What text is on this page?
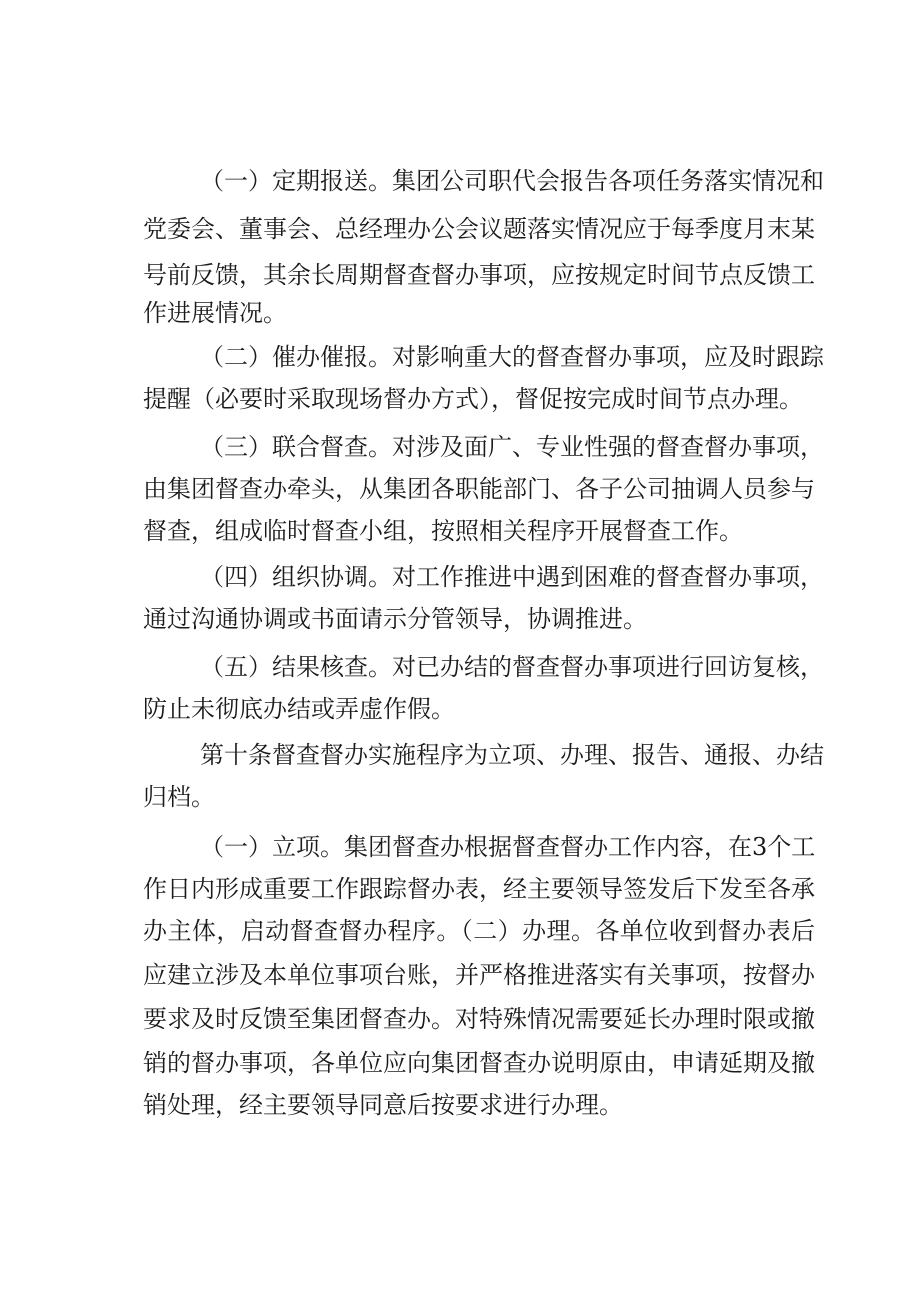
（一）定期报送。集团公司职代会报告各项任务落实情况和

党委会、董事会、总经理办公会议题落实情况应于每季度月末某

号前反馈，其余长周期督查督办事项，应按规定时间节点反馈工

作进展情况。

（二）催办催报。对影响重大的督查督办事项，应及时跟踪

提醒（必要时采取现场督办方式），督促按完成时间节点办理。

（三）联合督查。对涉及面广、专业性强的督查督办事项，

由集团督查办牵头，从集团各职能部门、各子公司抽调人员参与

督查，组成临时督查小组，按照相关程序开展督查工作。

（四）组织协调。对工作推进中遇到困难的督查督办事项，

通过沟通协调或书面请示分管领导，协调推进。

（五）结果核查。对已办结的督查督办事项进行回访复核，

防止未彻底办结或弄虚作假。

第十条督查督办实施程序为立项、办理、报告、通报、办结

归档。

（一）立项。集团督查办根据督查督办工作内容，在3个工

作日内形成重要工作跟踪督办表，经主要领导签发后下发至各承

办主体，启动督查督办程序。（二）办理。各单位收到督办表后

应建立涉及本单位事项台账，并严格推进落实有关事项，按督办

要求及时反馈至集团督查办。对特殊情况需要延长办理时限或撤

销的督办事项，各单位应向集团督查办说明原由，申请延期及撤

销处理，经主要领导同意后按要求进行办理。
